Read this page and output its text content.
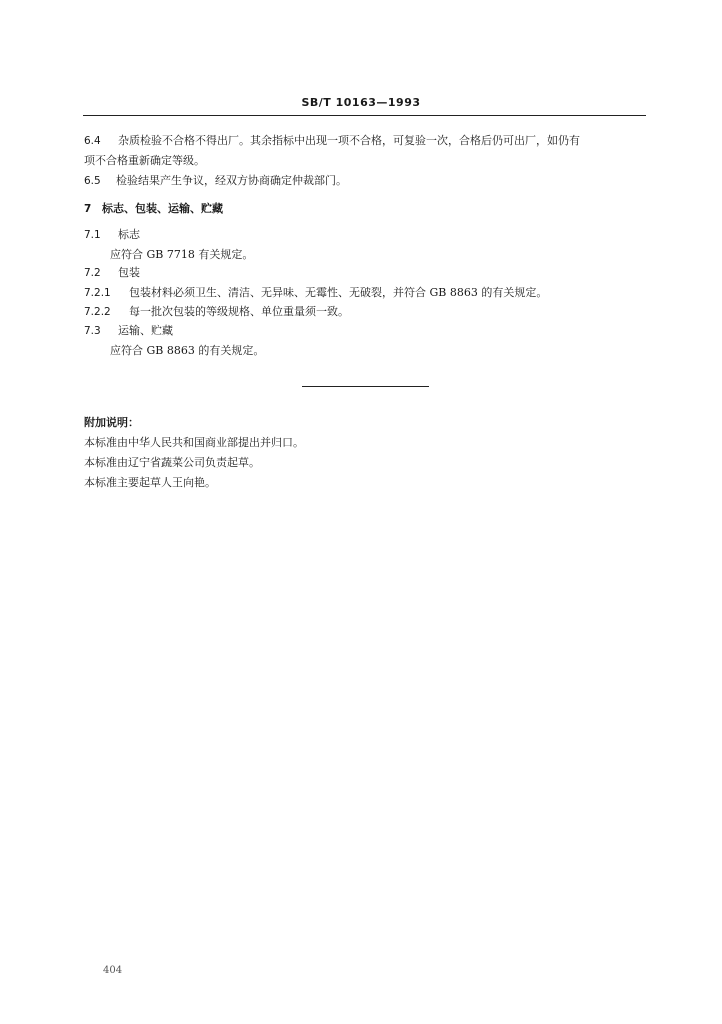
SB/T 10163—1993
6.4 杂质检验不合格不得出厂。其余指标中出现一项不合格，可复验一次，合格后仍可出厂，如仍有
项不合格重新确定等级。
6.5 检验结果产生争议，经双方协商确定仲裁部门。
7 标志、包装、运输、贮藏
7.1 标志
应符合 GB 7718 有关规定。
7.2 包装
7.2.1 包装材料必须卫生、清洁、无异味、无霉性、无破裂，并符合 GB 8863 的有关规定。
7.2.2 每一批次包装的等级规格、单位重量须一致。
7.3 运输、贮藏
应符合 GB 8863 的有关规定。
附加说明：
本标准由中华人民共和国商业部提出并归口。
本标准由辽宁省蔬菜公司负责起草。
本标准主要起草人王向艳。
404
